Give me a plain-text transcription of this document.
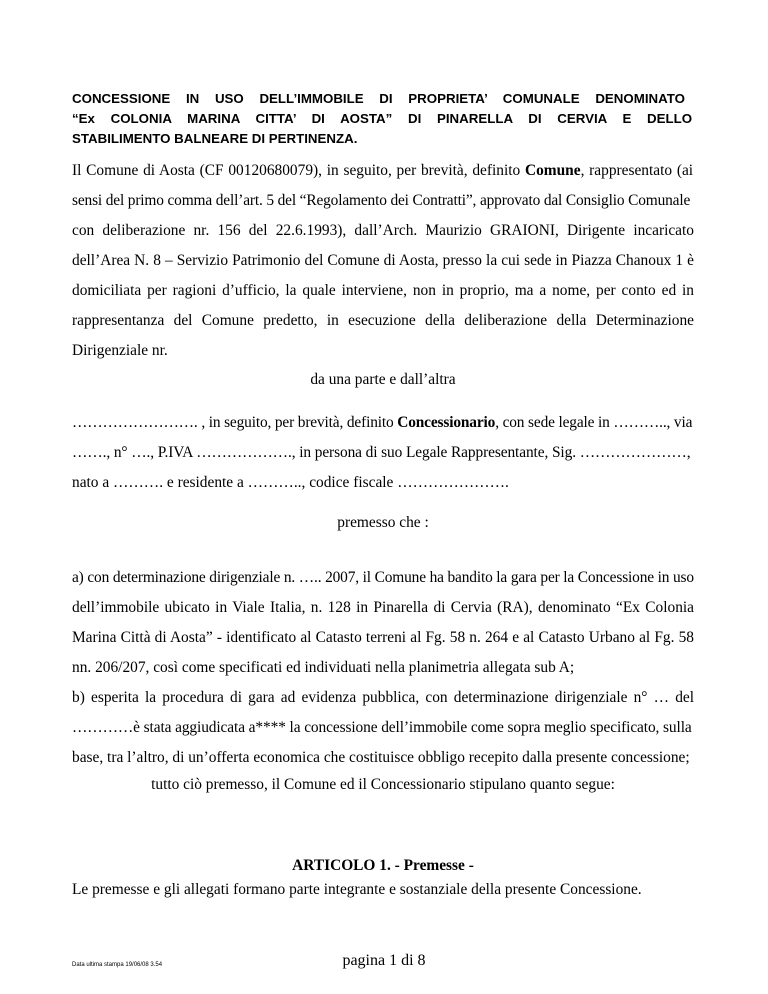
CONCESSIONE IN USO DELL’IMMOBILE DI PROPRIETA’ COMUNALE DENOMINATO
“Ex COLONIA MARINA CITTA’ DI AOSTA” DI PINARELLA DI CERVIA E DELLO
STABILIMENTO BALNEARE DI PERTINENZA.
Il Comune di Aosta (CF 00120680079), in seguito, per brevità, definito Comune, rappresentato (ai
sensi del primo comma dell’art. 5 del “Regolamento dei Contratti”, approvato dal Consiglio Comunale
con deliberazione nr. 156 del 22.6.1993), dall’Arch. Maurizio GRAIONI, Dirigente incaricato
dell’Area N. 8 – Servizio Patrimonio del Comune di Aosta, presso la cui sede in Piazza Chanoux 1 è
domiciliata per ragioni d’ufficio, la quale interviene, non in proprio, ma a nome, per conto ed in
rappresentanza del Comune predetto, in esecuzione della deliberazione della Determinazione
Dirigenziale nr.
da una parte e dall’altra
……………………. , in seguito, per brevità, definito Concessionario, con sede legale in ……….., via
……., n° …., P.IVA ………………., in persona di suo Legale Rappresentante, Sig. …………………,
nato a ………. e residente a ……….., codice fiscale ………………….
premesso che :
a) con determinazione dirigenziale n. ….. 2007, il Comune ha bandito la gara per la Concessione in uso
dell’immobile ubicato in Viale Italia, n. 128 in Pinarella di Cervia (RA), denominato “Ex Colonia
Marina Città di Aosta” - identificato al Catasto terreni al Fg. 58 n. 264 e al Catasto Urbano al Fg. 58
nn. 206/207, così come specificati ed individuati nella planimetria allegata sub A;
b) esperita la procedura di gara ad evidenza pubblica, con determinazione dirigenziale n° … del
…………è stata aggiudicata a**** la concessione dell’immobile come sopra meglio specificato, sulla
base, tra l’altro, di un’offerta economica che costituisce obbligo recepito dalla presente concessione;
tutto ciò premesso, il Comune ed il Concessionario stipulano quanto segue:
ARTICOLO 1. - Premesse -
Le premesse e gli allegati formano parte integrante e sostanziale della presente Concessione.
Data ultima stampa 19/06/08 3.54	pagina 1 di 8
